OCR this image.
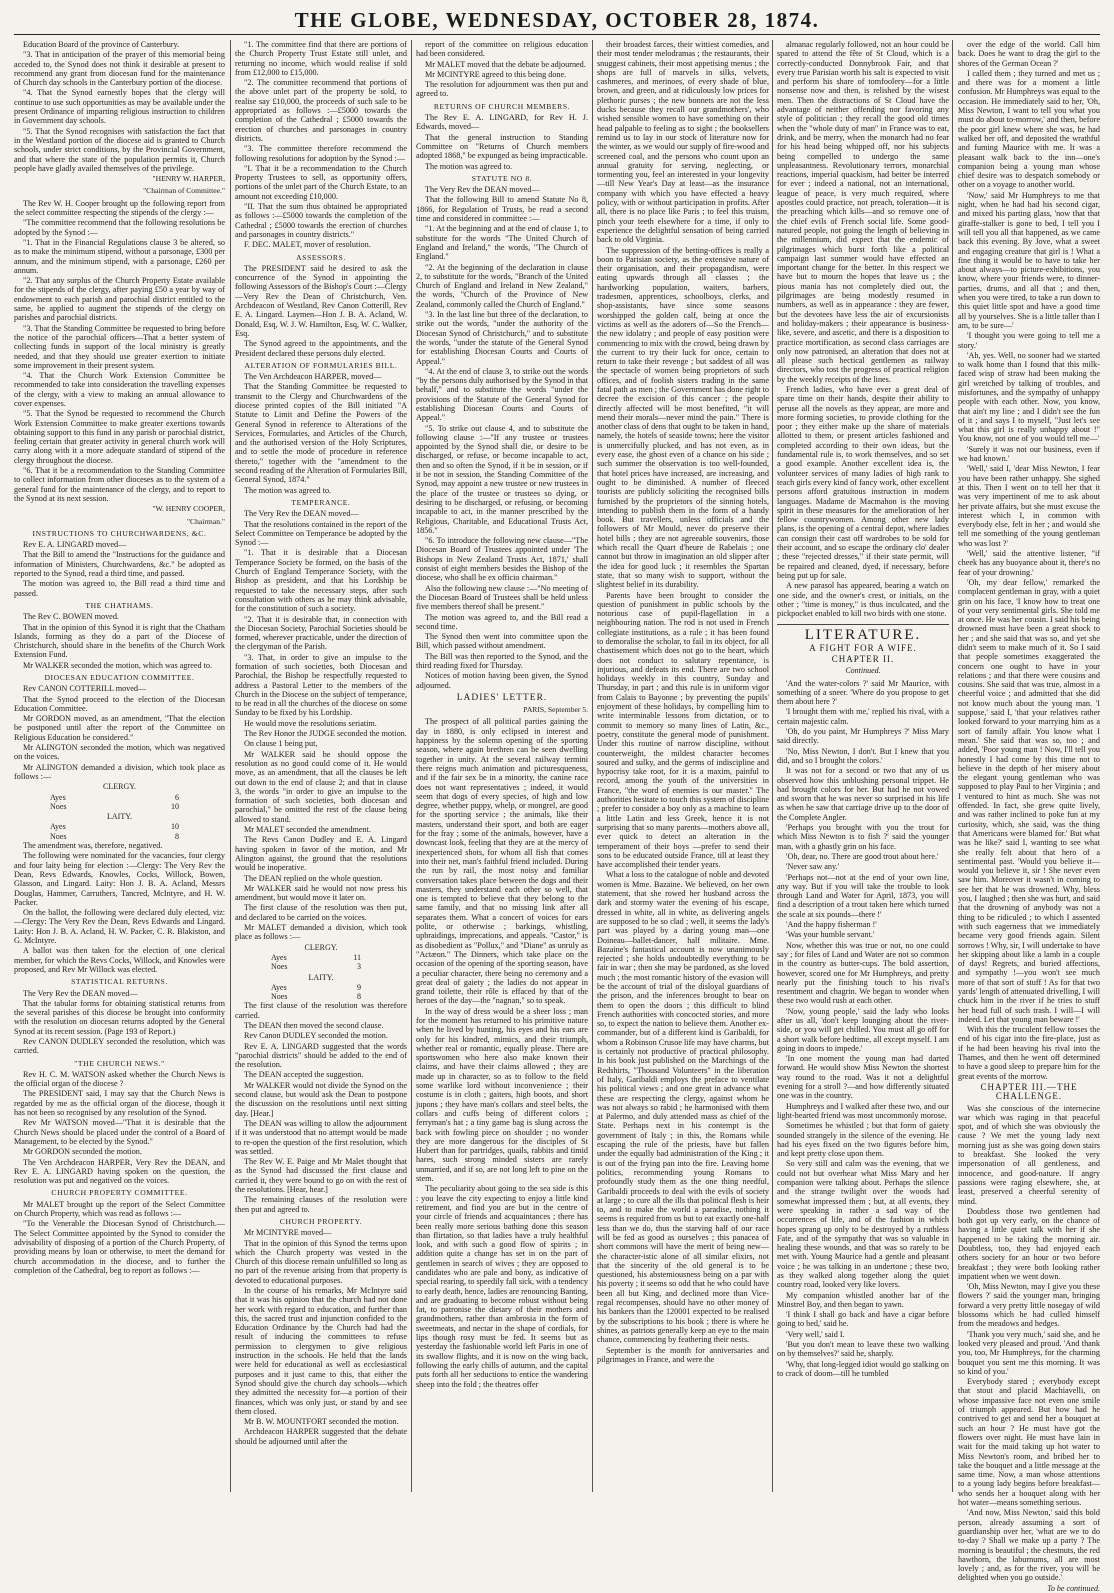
THE GLOBE, WEDNESDAY, OCTOBER 28, 1874.

Education Board of the province of Canterbury.

"3. That in anticipation of the prayer of this memorial being acceded to, the Synod does not think it desirable at present to recommend any grant from diocesan fund for the maintenance of Church day schools in the Canterbury portion of the diocese.

"4. That the Synod earnestly hopes that the clergy will continue to use such opportunities as may be available under the present Ordinance of imparting religious instruction to children in Government day schools.

"5. That the Synod recognises with satisfaction the fact that in the Westland portion of the diocese aid is granted to Church schools, under strict conditions, by the Provincial Government, and that where the state of the population permits it, Church people have gladly availed themselves of the privilege.

"HENRY W. HARPER,
"Chairman of Committee."

The Rev W. H. Cooper brought up the following report from the select committee respecting the stipends of the clergy :—

"The committee recommend that the following resolutions be adopted by the Synod :—

"1. That in the Financial Regulations clause 3 be altered, so as to make the minimum stipend, without a parsonage, £300 per annum, and the minimum stipend, with a parsonage, £260 per annum.

"2. That any surplus of the Church Property Estate available for the stipends of the clergy, after paying £50 a year by way of endowment to each parish and parochial district entitled to the same, be applied to augment the stipends of the clergy on parishes and parochial districts.

"3. That the Standing Committee be requested to bring before the notice of the parochial officers—That a better system of collecting funds in support of the local ministry is greatly needed, and that they should use greater exertion to initiate some improvement in their present system.

"4. That the Church Work Extension Committee be recommended to take into consideration the travelling expenses of the clergy, with a view to making an annual allowance to cover expenses.

"5. That the Synod be requested to recommend the Church Work Extension Committee to make greater exertions towards obtaining support to this fund in any parish or parochial district, feeling certain that greater activity in general church work will carry along with it a more adequate standard of stipend of the clergy throughout the diocese.

"6. That it be a recommendation to the Standing Committee to collect information from other dioceses as to the system of a general fund for the maintenance of the clergy, and to report to the Synod at its next session.

"W. HENRY COOPER,
"Chairman."
INSTRUCTIONS TO CHURCHWARDENS, &C.

Rev E. A. LINGARD moved—

That the Bill to amend the "Instructions for the guidance and information of Ministers, Churchwardens, &c." be adopted as reported to the Synod, read a third time, and passed.

The motion was agreed to, the Bill read a third time and passed.

THE CHATHAMS.

The Rev C. BOWEN moved.

That in the opinion of this Synod it is right that the Chatham Islands, forming as they do a part of the Diocese of Christchurch, should share in the benefits of the Church Work Extension Fund.

Mr WALKER seconded the motion, which was agreed to.

DIOCESAN EDUCATION COMMITTEE.

Rev CANON COTTERILL moved—

That the Synod proceed to the election of the Diocesan Education Committee.

Mr GORDON moved, as an amendment, "That the election be postponed until after the report of the Committee on Religious Education be considered."

Mr ALINGTON seconded the motion, which was negatived on the voices.

Mr ALINGTON demanded a division, which took place as follows :—

CLERGY.
Ayes	6
Noes	10
LAITY.
Ayes	10
Noes	8

The amendment was, therefore, negatived.

The following were nominated for the vacancies, four clergy and four laity being for election :—Clergy: The Very Rev the Dean, Revs Edwards, Knowles, Cocks, Willock, Bowen, Glasson, and Lingard. Laity: Hon J. B. A. Acland, Messrs Douglas, Hammer, Carruthers, Tancred, McIntyre, and H. W. Packer.

On the ballot, the following were declared duly elected, viz:—Clergy: The Very Rev the Dean, Revs Edwards and Lingard. Laity: Hon J. B. A. Acland, H. W. Packer, C. R. Blakiston, and G. McIntyre.

A ballot was then taken for the election of one clerical member, for which the Revs Cocks, Willock, and Knowles were proposed, and Rev Mr Willock was elected.

STATISTICAL RETURNS.

The Very Rev the DEAN moved—

That the tabular forms for obtaining statistical returns from the several parishes of this diocese be brought into conformity with the resolution on diocesan returns adopted by the General Synod at its recent session. (Page 193 of Report.)

Rev CANON DUDLEY seconded the resolution, which was carried.

"THE CHURCH NEWS."

Rev H. C. M. WATSON asked whether the Church News is the official organ of the diocese ?

The PRESIDENT said, I may say that the Church News is regarded by me as the official organ of the diocese, though it has not been so recognised by any resolution of the Synod.

Rev Mr WATSON moved—"That it is desirable that the Church News should be placed under the control of a Board of Management, to be elected by the Synod."

Mr GORDON seconded the motion.

The Ven Archdeacon HARPER, Very Rev the DEAN, and Rev E. A. LINGARD having spoken on the question, the resolution was put and negatived on the voices.

CHURCH PROPERTY COMMITTEE.

Mr MALET brought up the report of the Select Committee on Church Property, which was read as follows :—

"To the Venerable the Diocesan Synod of Christchurch.—The Select Committee appointed by the Synod to consider the advisability of disposing of a portion of the Church Property, of providing means by loan or otherwise, to meet the demand for church accommodation in the diocese, and to further the completion of the Cathedral, beg to report as follows :—

"1. The committee find that there are portions of the Church Property Trust Estate still unlet, and returning no income, which would realise if sold from £12,000 to £15,000.

"2. The committee recommend that portions of the above unlet part of the property be sold, to realise say £10,000, the proceeds of such sale to be appropriated as follows :—£5000 towards the completion of the Cathedral ; £5000 towards the erection of churches and parsonages in country districts.

"3. The committee therefore recommend the following resolutions for adoption by the Synod :—

"I. That it be a recommendation to the Church Property Trustees to sell, as opportunity offers, portions of the unlet part of the Church Estate, to an amount not exceeding £10,000.

"II. That the sum thus obtained be appropriated as follows :—£5000 towards the completion of the Cathedral ; £5000 towards the erection of churches and parsonages in country districts."

F. DEC. MALET, mover of resolution.

ASSESSORS.

The PRESIDENT said he desired to ask the concurrence of the Synod in appointing the following Assessors of the Bishop's Court :—Clergy—Very Rev the Dean of Christchurch, Ven. Archdeacon of Westland, Rev Canon Cotterill, Rev E. A. Lingard. Laymen—Hon J. B. A. Acland, W. Donald, Esq, W. J. W. Hamilton, Esq, W. C. Walker, Esq.

The Synod agreed to the appointments, and the President declared these persons duly elected.

ALTERATION OF FORMULARIES BILL.

The Ven Archdeacon HARPER, moved—

That the Standing Committee be requested to transmit to the Clergy and Churchwardens of the diocese printed copies of the Bill initiated "A Statute to Limit and Define the Powers of the General Synod in reference to Alterations of the Services, Formularies, and Articles of the Church, and the authorised version of the Holy Scriptures, and to settle the mode of procedure in reference thereto," together with the "amendment to the second reading of the Alteration of Formularies Bill, General Synod, 1874."

The motion was agreed to.

TEMPERANCE.

The Very Rev the DEAN moved—

That the resolutions contained in the report of the Select Committee on Temperance be adopted by the Synod :—

"1. That it is desirable that a Diocesan Temperance Society be formed, on the basis of the Church of England Temperance Society, with the Bishop as president, and that his Lordship be requested to take the necessary steps, after such consultation with others as he may think advisable, for the constitution of such a society.

"2. That it is desirable that, in connection with the Diocesan Society, Parochial Societies should be formed, wherever practicable, under the direction of the clergyman of the Parish.

"3. That, in order to give an impulse to the formation of such societies, both Diocesan and Parochial, the Bishop be respectfully requested to address a Pastoral Letter to the members of the Church in the Diocese on the subject of temperance, to be read in all the churches of the diocese on some Sunday to be fixed by his Lordship.

He would move the resolutions seriatim.

The Rev Honor the JUDGE seconded the motion.

On clause 1 being put,

Mr WALKER said he should oppose the resolution as no good could come of it. He would move, as an amendment, that all the clauses be left out down to the end of clause 2; and that in clause 3, the words "in order to give an impulse to the formation of such societies, both diocesan and parochial," be omitted the rest of the clause being allowed to stand.

Mr MALET seconded the amendment.

The Revs Canon Dudley and E. A. Lingard having spoken in favor of the motion, and Mr Alington against, the ground that the resolutions would be inoperative.

The DEAN replied on the whole question.

Mr WALKER said he would not now press his amendment, but would move it later on.

The first clause of the resolution was then put, and declared to be carried on the voices.

Mr MALET demanded a division, which took place as follows :—

CLERGY.
Ayes	11
Noes	3
LAITY.
Ayes	9
Noes	8

The first clause of the resolution was therefore carried.

The DEAN then moved the second clause.

Rev Canon DUDLEY seconded the motion.

Rev E. A. LINGARD suggested that the words "parochial districts" should be added to the end of the resolution.

The DEAN accepted the suggestion.

Mr WALKER would not divide the Synod on the second clause, but would ask the Dean to postpone the discussion on the resolutions until next sitting day. [Hear.]

The DEAN was willing to allow the adjournment if it was understood that no attempt would be made to re-open the question of the first resolution, which was settled.

The Rev W. E. Paige and Mr Malet thought that as the Synod had discussed the first clause and carried it, they were bound to go on with the rest of the resolutions. [Hear, hear.]

The remaining clauses of the resolution were then put and agreed to.

CHURCH PROPERTY.

Mr MCINTYRE moved—

That in the opinion of this Synod the terms upon which the Church property was vested in the Church of this diocese remain unfulfilled so long as no part of the revenue arising from that property is devoted to educational purposes.

In the course of his remarks, Mr McIntyre said that it was his opinion that the church had not done her work with regard to education, and further than this, the sacred trust and injunction confided to the Education Ordinance by the Church had had the result of inducing the committees to refuse permission to clergymen to give religious instruction in the schools. He held that the lands were held for educational as well as ecclesiastical purposes and it just came to this, that either the Synod should give the church day schools—which they admitted the necessity for—a portion of their finances, which was only just, or stand by and see them closed.

Mr B. W. MOUNTFORT seconded the motion.

Archdeacon HARPER suggested that the debate should be adjourned until after the

report of the committee on religious education had been considered.

Mr MALET moved that the debate be adjourned.

Mr MCINTYRE agreed to this being done.

The resolution for adjournment was then put and agreed to.

RETURNS OF CHURCH MEMBERS.

The Rev E. A. LINGARD, for Rev H. J. Edwards, moved—

That the general instruction to Standing Committee on "Returns of Church members adopted 1868," be expunged as being impracticable.

The motion was agreed to.

STATUTE NO 8.

The Very Rev the DEAN moved—

That the following Bill to amend Statute No 8, 1866, for Regulation of Trusts, be read a second time and considered in committee :—

"1. At the beginning and at the end of clause 1, to substitute for the words "The United Church of England and Ireland," the words, "The Church of England."

"2. At the beginning of the declaration in clause 2, to substitute for the words, "Branch of the United Church of England and Ireland in New Zealand," the words, "Church of the Province of New Zealand, commonly called the Church of England."

"3. In the last line but three of the declaration, to strike out the words, "under the authority of the Diocesan Synod of Christchurch," and to substitute the words, "under the statute of the General Synod for establishing Diocesan Courts and Courts of Appeal."

"4. At the end of clause 3, to strike out the words "by the persons duly authorised by the Synod in that behalf," and to substitute the words "under the provisions of the Statute of the General Synod for establishing Diocesan Courts and Courts of Appeal."

"5. To strike out clause 4, and to substitute the following clause :—"If any trustee or trustees appointed by the Synod shall die, or desire to be discharged, or refuse, or become incapable to act, then and so often the Synod, if it be in session, or if it be not in session, the Standing Committee of the Synod, may appoint a new trustee or new trustees in the place of the trustee or trustees so dying, or desiring to be discharged, or refusing, or becoming incapable to act, in the manner prescribed by the Religious, Charitable, and Educational Trusts Act, 1856."

"6. To introduce the following new clause—"The Diocesan Board of Trustees appointed under 'The Bishops in New Zealand Trusts Act, 1871,' shall consist of eight members besides the Bishop of the diocese, who shall be ex officio chairman."

Also the following new clause :—"No meeting of the Diocesan Board of Trustees shall be held unless five members thereof shall be present."

The motion was agreed to, and the Bill read a second time.

The Synod then went into committee upon the Bill, which passed without amendment.

The Bill was then reported to the Synod, and the third reading fixed for Thursday.

Notices of motion having been given, the Synod adjourned.

LADIES' LETTER.
PARIS, September 5.

The prospect of all political parties gaining the day in 1880, is only eclipsed in interest and happiness by the solemn opening of the sporting season, where again brethren can be seen dwelling together in unity. At the several railway termini there reigns much animation and picturesqueness, and if the fair sex be in a minority, the canine race does not want representatives ; indeed, it would seem that dogs of every species, of high and low degree, whether puppy, whelp, or mongrel, are good for the sporting service ; the animals, like their masters, understand their sport, and both are eager for the fray ; some of the animals, however, have a downcast look, feeling that they are at the mercy of inexperienced shots, for whom all fish that comes into their net, man's faithful friend included. During the run by rail, the most noisy and familiar conversation takes place between the dogs and their masters, they understand each other so well, that one is tempted to believe that they belong to the same family, and that no missing link after all separates them. What a concert of voices for ears polite, or otherwise ; barkings, whistling, upbraidings, imprecations, and appeals. "Castor," is as disobedient as "Pollux," and "Diane" as unruly as "Actæon." The Dinners, which take place on the occasion of the opening of the sporting season, have a peculiar character, there being no ceremony and a great deal of gaiety ; the ladies do not appear in grand toilette, their rôle is effaced by that of the heroes of the day—the "nagnan," so to speak.

In the way of dress would be a sheer loss ; man for the moment has returned to his primitive nature when he lived by hunting, his eyes and his ears are only for his kindred, mimics, and their triumph, whether real or romantic, equally please. There are sportswomen who here also make known their claims, and have their claims allowed ; they are made up in character, so as to follow to the field some warlike lord without inconvenience ; their costume is in cloth ; gaiters, high boots, and short jupons ; they have man's collars and steel belts, the collars and cuffs being of different colors ; ferryman's hat ; a tiny game bag is slung across the back with fowling piece on shoulder ; no wonder they are more dangerous for the disciples of St Hubert than for partridges, quails, rabbits and timid hares, such strong minded sisters are rarely unmarried, and if so, are not long left to pine on the stem.

The peculiarity about going to the sea side is this : you leave the city expecting to enjoy a little kind retirement, and find you are but in the centre of your circle of friends and acquaintances ; there has been really more serious bathing done this season than flirtation, so that ladies have a truly healthful look, and with such a good flow of spirits ; in addition quite a change has set in on the part of gentlemen in search of wives ; they are opposed to candidates who are pale and bony, as indicative of special rearing, to speedily fall sick, with a tendency to early death, hence, ladies are renouncing Banting, and are graduating to become robust without being fat, to patronise the dietary of their mothers and grandmothers, rather than ambrosia in the form of sweetmeats, and nectar in the shape of cordials, for lips though rosy must be fed. It seems but as yesterday the fashionable world left Paris in one of its swallow flights, and it is now on the wing back, following the early chills of autumn, and the capital puts forth all her seductions to entice the wandering sheep into the fold ; the theatres offer

their broadest farces, their wittiest comedies, and their most tender melodramas ; the restaurants, their snuggest cabinets, their most appetising menus ; the shops are full of marvels in silks, velvets, cashmeres, and merinoes, of every shade of blue, brown, and green, and at ridiculously low prices for plethoric purses ; the new bonnets are not the less ducks because they recall our grandmothers', who wished sensible women to have something on their head palpable to feeling as to sight ; the booksellers remind us to lay in our stock of literature now for the winter, as we would our supply of fire-wood and screened coal, and the persons who count upon an annual gratuity for serving, neglecting, or tormenting you, feel an interested in your longevity—till New Year's Day at least—as the insurance company with which you have effected a heavy policy, with or without participation in profits. After all, there is no place like Paris ; to feel this truism, pinch your teeth elsewhere for a time, if only to experience the delightful sensation of being carried back to old Virginia.

The suppression of the betting-offices is really a boon to Parisian society, as the extensive nature of their organisation, and their propagandism, were eating upwards through all classes ; the hardworking population, waiters, barbers, tradesmen, apprentices, schoolboys, clerks, and shop-assistants, have since some seasons worshipped the golden calf, being at once the victims as well as the adorers of—So the French—the new idolatry ; and people of easy position were commencing to mix with the crowd, being drawn by the current to try their luck for once, certain to return to take their revenge ; but saddest of all was the spectacle of women being proprietors of such offices, and of foolish sisters trading in the same fatal path as men ; the Government has done right to decree the excision of this cancer ; the people directly affected will be most benefited, "it will mend their morals—never mind the pain." There is another class of dens that ought to be taken in hand, namely, the hotels of seaside towns; here the visitor is unmercifully plucked, and has not even, as in every ease, the ghost even of a chance on his side ; such summer the observation is too well-founded, that hotel prices have increased, are increasing, and ought to be diminished. A number of fleeced tourists are publicly soliciting the recognised bills furnished by the proprietors of the sinning hotels, intending to publish them in the form of a handy book. But travellers, unless officials and the followers of Mr Mould, never do preserve their hotel bills ; they are not agreeable souvenirs, those which recall the Quart d'heure de Rabelais ; one cannot but throw in imagination an old slipper after the idea for good luck ; it resembles the Spartan state, that so many wish to support, without the slightest belief in its durability.

Parents have been brought to consider the question of punishment in public schools by the notorious case of pupil-flagellation in a neighbouring nation. The rod is not used in French collegiate institutions, as a rule ; it has been found to demoralise the scholar, to fail in its object, for all chastisement which does not go to the heart, which does not conduct to salutary repentance, is injurious, and defeats its end. There are two school holidays weekly in this country, Sunday and Thursday, in part ; and this rule is in uniform vigor from Calais to Bayonne ; by preventing the pupils' enjoyment of these holidays, by compelling him to write interminable lessons from dictation, or to commit to memory so many lines of Latin, &c., poetry, constitute the general mode of punishment. Under this routine of narrow discipline, without counterweight, the mildest character becomes soured and sulky, and the germs of indiscipline and hypocrisy take root, for it is a maxim, painful to record, among the youth of the universities in France, "the word of enemies is our master." The authorities hesitate to touch this system of discipline ; prefer to consider a boy only as a machine to learn a little Latin and less Greek, hence it is not surprising that so many parents—mothers above all, ever quick to detect an alteration in the temperament of their boys —prefer to send their sons to be educated outside France, till at least they have accomplished their tender years.

What a loss to the catalogue of noble and devoted women is Mme. Bazaine. We believed, on her own statement, that she rowed her husband across the dark and stormy water the evening of his escape, dressed in white, all in white, as delivering angels are supposed to be so clad ; well, it seems the lady's part was played by a daring young man—one Doineau—ballet-dancer, half militaire. Mme. Bazaine's fantastical account is now unanimously rejected ; she holds undoubtedly everything to be fair in war ; then she may be pardoned, as she loved much ; the most romantic history of the evasion will be the account of trial of the disloyal guardians of the prison, and the inferences brought to bear on them to open the doors ; this difficult to blind French authorities with concocted stories, and more so, to expect the nation to believe them. Another ex-commander, but of a different kind is Garibaldi, for whom a Robinson Crusoe life may have charms, but is certainly not productive of practical philosophy. In his book just published on the Marchings of the Redshirts, "Thousand Volunteers" in the liberation of Italy, Garibaldi employs the preface to ventilate his political views ; and one great in advance what these are respecting the clergy, against whom he was not always so rabid ; he harmonised with them at Palermo, and duly attended mass as chief of the State. Perhaps next in his contempt is the government of Italy ; in this, the Romans while escaping the rule of the priests, have but fallen under the equally bad administration of the King ; it is out of the frying pan into the fire. Leaving home politics, recommending young Romans to profoundly study them as the one thing needful, Garibaldi proceeds to deal with the evils of society at large ; to cure all the ills that political flesh is heir to, and to make the world a paradise, nothing it seems is required from us but to eat exactly one-half less than we do, thus the starving half of our race will be fed as good as ourselves ; this panacea of short commons will have the merit of being new—the character-istic alone of all similar elixirs, not that the sincerity of the old general is to be questioned, his abstemiousness being on a par with his poverty ; it seems so odd that he who could have been all but King, and declined more than Vice-regal recompenses, should have no other money of his bankers than the 120001 expected to be realised by the subscriptions to his book ; there is where he shines, as patriots generally keep an eye to the main chance, commencing by feathering their nests.

September is the month for anniversaries and pilgrimages in France, and were the

almanac regularly followed, not an hour could be spared to attend the fête of St Cloud, which is a correctly-conducted Donnybrook Fair, and that every true Parisian worth his salt is expected to visit and perform his share of tomfoolery—for a little nonsense now and then, is relished by the wisest men. Then the distractions of St Cloud have the advantage of neither offending nor favoring any style of politician ; they recall the good old times when the "whole duty of man" in France was to eat, drink, and be merry, when the monarch had no fear for his head being whipped off, nor his subjects being compelled to undergo the same unpleasantness. Revolutionary terrors, monarchial reactions, imperial quackism, had better be interred for ever ; indeed a national, not an international, league of peace, is very much required, where apostles could practice, not preach, toleration—it is the preaching which kills—and so remove one of the chief evils of French social life. Some good-natured people, not going the length of believing in the millennium, did expect that the endemic of pilgrimages which burst forth like a political campaign last summer would have effected an important change for the better. In this respect we have but to mourn the hopes that leave us ; the pious mania has not completely died out, the pilgrimages are being modestly resumed in numbers, as well as in appearance : they are fewer, but the devotees have less the air of excursionists and holiday-makers ; their appearance is business-like, severe, and ascetic, and there is a disposition to practice mortification, as second class carriages are only now patronised, an alteration that does not at all please such hectical gentlemen as railway directors, who tost the progress of practical religion by the weekly receipts of the lines.

French ladies, who have ever a great deal of spare time on their hands, despite their ability to peruse all the novels as they appear, are more and more forming societies, to provide clothing for the poor ; they either make up the share of materials allotted to them, or present articles fashioned and completed according to their own ideas, but the fundamental rule is, to work themselves, and so set a good example. Another excellent idea is, the volunteer services of many ladies of high rank to teach girls every kind of fancy work, other excellent persons afford gratuitous instruction in modern languages. Madame de Macmahon is the moving spirit in these measures for the amelioration of her fellow countrywomen. Among other new lady plans, is the opening of a central depot, where ladies can consign their cast off wardrobes to be sold for their account, and so escape the ordinary clo' dealer ; these "rejected dresses," if their state permit, will be repaired and cleaned, dyed, if necessary, before being put up for sale.

A new parasol has appeared, bearing a watch on one side, and the owner's crest, or initials, on the other ; "time is money," is thus inculcated, and the pickpocket enabled to kill two birds with one stone.

LITERATURE.
A FIGHT FOR A WIFE.
CHAPTER II.
Continued.

'And the water-colors ?' said Mr Maurice, with something of a sneer. 'Where do you propose to get them about here ?'

'I brought them with me,' replied his rival, with a certain majestic calm.

'Oh, do you paint, Mr Humphreys ?' Miss Mary said directly.

'No, Miss Newton, I don't. But I knew that you did, and so I brought the colors.'

It was not for a second or two that any of us observed how this unblushing personal trippet. He had brought colors for her. But had he not vowed and sworn that he was never so surprised in his life as when he saw that carriage drive up to the door of the Complete Angler.

'Perhaps you brought with you the trout for which Miss Newton is to fish ?' said the younger man, with a ghastly grin on his face.

'Oh, dear, no. There are good trout about here.'

'Never saw any.'

'Perhaps not—not at the end of your own line, any way. But if you will take the trouble to look through Land and Water for April, 1873, you will find a description of a trout taken here which turned the scale at six pounds—there !'

'And the happy fisherman !'

'Was your humble servant.'

Now, whether this was true or not, no one could say ; for files of Land and Water are not so common in the country as butter-cups. The bold assertion, however, scored one for Mr Humphreys, and pretty nearly put the finishing touch to his rival's resentment and chagrin. We began to wonder when these two would rush at each other.

'Now, young people,' said the lady who looks after us all, 'don't keep lounging about the river-side, or you will get chilled. You must all go off for a short walk before bedtime, all except myself. I am going in doors to impede.'

'In one moment the young man had darted forward. He would show Miss Newton the shortest way round to the road. Was it not a delightful evening for a stroll ?—and how differently situated one was in the country.

Humphreys and I walked after these two, and our light-hearted friend was most uncommonly morose.

Sometimes he whistled ; but that form of gaiety sounded strangely in the silence of the evening. He had his eyes fixed on the two figures before him, and kept pretty close upon them.

So very still and calm was the evening, that we could not but overhear what Miss Mary and her companion were talking about. Perhaps the silence and the strange twilight over the woods had somewhat impressed them ; but, at all events, they were speaking in rather a sad way of the occurrences of life, and of the fashion in which hopes sprang up only to be destroyed by a ruthless Fate, and of the sympathy that was so valuable in healing these wounds, and that was so rarely to be met with. Young Maurice had a gentle and pleasant voice ; he was talking in an undertone ; these two, as they walked along together along the quiet country road, looked very like lovers.

My companion whistled another bar of the Minstrel Boy, and then began to yawn.

'I think I shall go back and have a cigar before going to bed,' said he.

'Very well,' said I.

'But you don't mean to leave these two walking on by themselves?' said he, sharply.

'Why, that long-legged idiot would go stalking on to crack of doom—till he tumbled

over the edge of the world. Call him back. Does he want to drag the girl to the shores of the German Ocean ?'

I called them ; they turned and met us ; and there was for a moment a little confusion. Mr Humphreys was equal to the occasion. He immediately said to her, 'Oh, Miss Newton, I want to tell you what you must do about to-morrow,' and then, before the poor girl knew where she was, he had walked her off, and deposited the wrathful and fuming Maurice with me. It was a pleasant walk back to the inn—one's companion being a young man whose chief desire was to despatch somebody or other on a voyage to another world.

'Now,' said Mr Humphreys to me that night, when he had had his second cigar, and mixed his parting glass, 'now that that giraffe-stalker is gone to bed, I tell you I will tell you all that happened, as we came back this evening. By Jove, what a sweet and engaging creature that girl is ! What a fine thing it would be to have to take her about always—to picture-exhibitions, you know, where your friends were, to dinner-parties, drums, and all that ; and then, when you were tired, to take a run down to this quiet little spot and have a good time all by yourselves. She is a little taller than I am, to be sure—'

'I thought you were going to tell me a story.'

'Ah, yes. Well, no sooner had we started to walk home than I found that this milk-faced wisp of straw had been making the girl wretched by talking of troubles, and misfortunes, and the sympathy of unhappy people with each other. Now, you know, that ain't my line ; and I didn't see the fun of it ; and says I to myself, "Just let's see what this girl is really unhappy about !" You know, not one of you would tell me—'

'Surely it was not our business, even if we had known.'

'Well,' said I, 'dear Miss Newton, I fear you have been rather unhappy. She sighed at this. Then I went on to tell her that it was very impertinent of me to ask about her private affairs, but she must excuse the interest which I, in common with everybody else, felt in her ; and would she tell me something of the young gentleman who was lost ?'

'Well,' said the attentive listener, "if cheek has any buoyance about it, there's no fear of your drowning.'

'Oh, my dear fellow,' remarked the complacent gentleman in gray, with a quiet grin on his face, 'I know how to treat one of your very sentimental girls. She told me at once. He was her cousin. I said his being drowned must have been a great shock to her ; and she said that was so, and yet she didn't seem to make much of it. So I said that people sometimes exaggerated the concern one ought to have in your relations ; and that there were cousins and cousins. She said that was true, almost in a cheerful voice ; and admitted that she did not know much about the young man. 'I suppose,' said I, 'that your relatives rather looked forward to your marrying him as a sort of family affair. You know what I mean.' She said that was so, too ; and added, 'Poor young man ! Now, I'll tell you honestly I had come by this time not to believe in the depth of her misery about the elegant young gentleman who was supposed to play Paul to her Virginia ; and I ventured to hint as much. She was not offended. In fact, she grew quite lively, and was rather inclined to poke fun at my curiosity, which, she said, was the thing that Americans were blamed for.' But what was he like?' said I, wanting to see what she really felt about that hero of a sentimental past. 'Would you believe it—would you believe it, sir ! She never even saw him. Moreover it wasn't in coming to see her that he was drowned. Why, bless you, I laughed ; then she was hurt, and said that the drowning of anybody was not a thing to be ridiculed ; to which I assented with such eagerness that we immediately became very good friends again. Silent sorrows ! Why, sir, I will undertake to have her skipping about like a lamb in a couple of days! Regrets, and buried affections, and sympathy !—you won't see much more of that sort of stuff ! As for that two yards' length of attenuated drivelling, I will chuck him in the river if he tries to stuff her head full of such trash. I will—I will indeed. Let that young man beware !'

With this the truculent fellow tosses the end of his cigar into the fire-place, just as if he had been heaving his rival into the Thames, and then he went off determined to have a good sleep to prepare him for the great events of the morrow.

CHAPTER III.—THE CHALLENGE.

Was she conscious of the internecine war which was raging in that peaceful spot, and of which she was obviously the cause ? We met the young lady next morning just as she was going down stairs to breakfast. She looked the very impersonation of all gentleness, and innocence, and good-nature. If angry passions were raging elsewhere, she, at least, preserved a cheerful serenity of mind.

Doubtless those two gentlemen had both got up very early, on the chance of having a little quiet talk with her if she happened to be taking the morning air. Doubtless, too, they had enjoyed each others society for an hour or two before breakfast ; they were both looking rather impatient when we went down.

'Oh, Miss Newton, may I give you these flowers ?' said the younger man, bringing forward a very pretty little nosegay of wild blossoms which he had culled himself from the meadows and hedges.

'Thank you very much,' said she, and he looked very pleased and proud. 'And thank you, too, Mr Humphreys, for the charming bouquet you sent me this morning. It was so kind of you.'

Everybody stared ; everybody except that stout and placid Machiavelli, on whose impassive face not even one smile of triumph appeared. But how had he contrived to get and send her a bouquet at such an hour ? He must have got the flowers over night. He must have lain in wait for the maid taking up hot water to Miss Newton's room, and bribed her to take the bouquet and a little message at the same time. Now, a man whose attentions to a young lady begins before breakfast—who sends her a bouquet along with her hot water—means something serious.

'And now, Miss Newton,' said this bold person, already assuming a sort of guardianship over her, 'what are we to do to-day ? Shall we make up a party ? The morning is beautiful ; the chestnuts, the red hawthorn, the laburnums, all are most lovely ; and, as for the river, you will be delighted when you go outside.'

To be continued.
